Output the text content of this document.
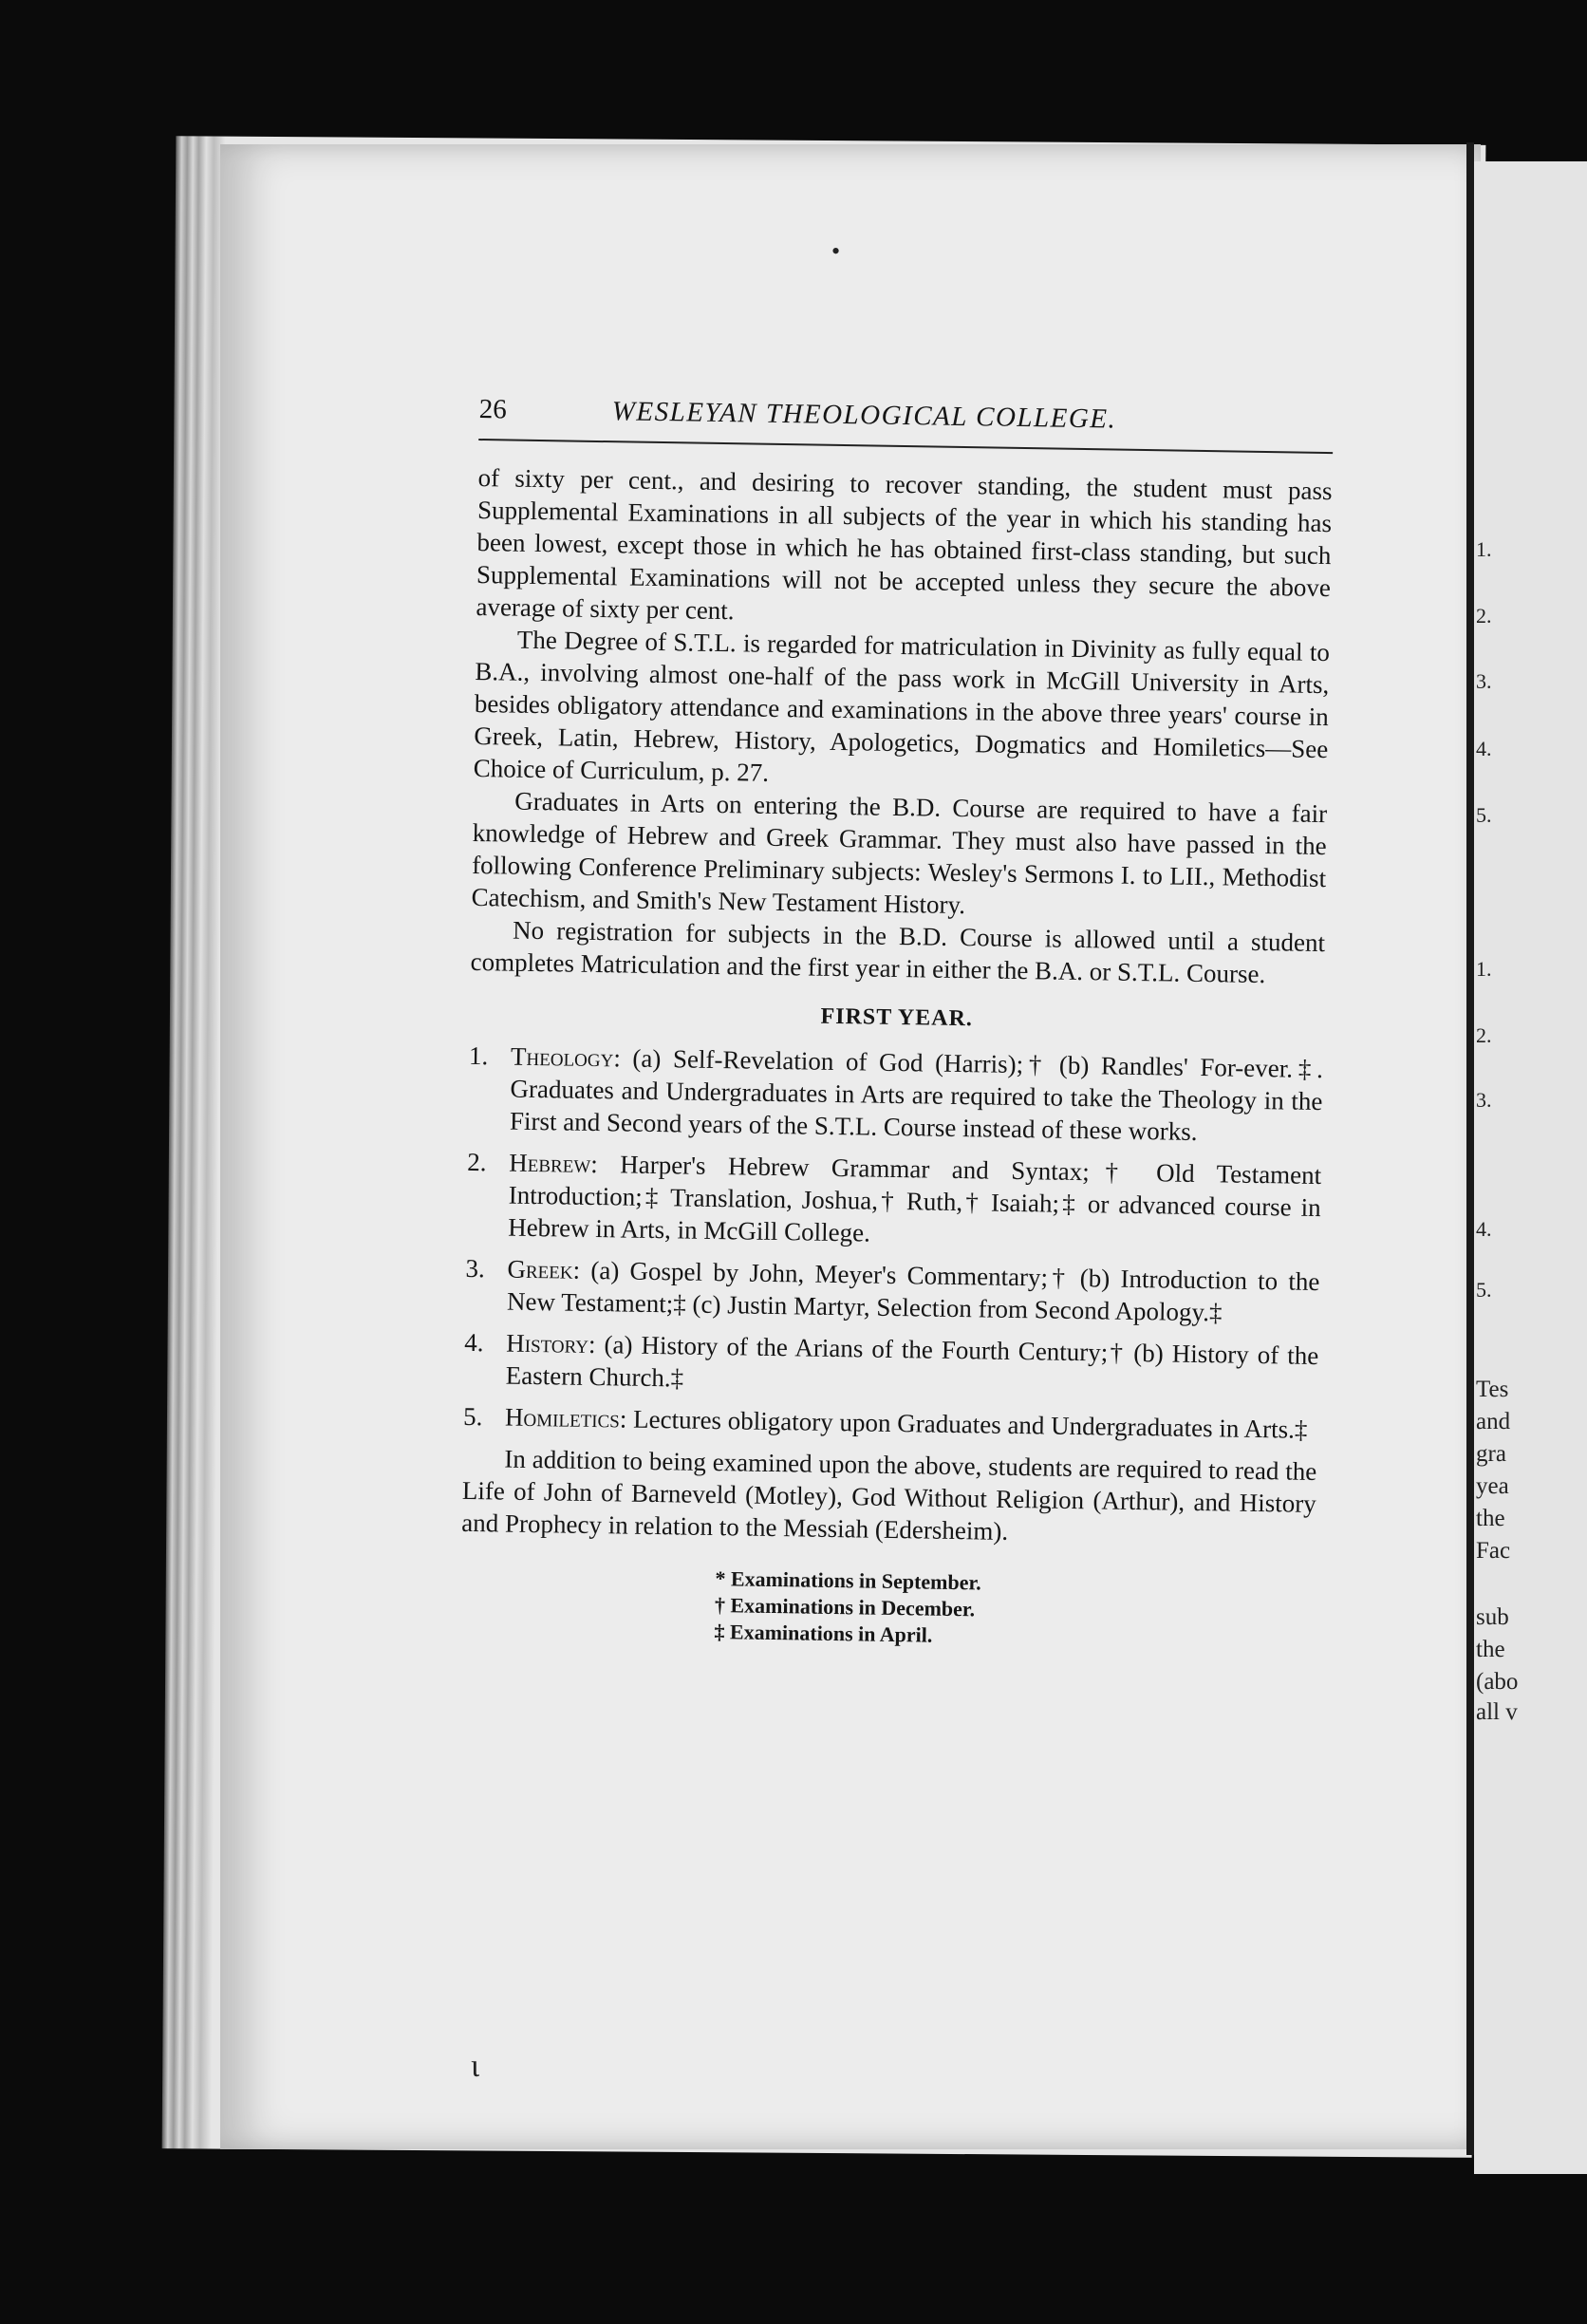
1.
2.
3.
4.
5.
1.
2.
3.
4.
5.
Tes
and
gra
yea
the
Fac
sub
the
(abo
all v
•
ɩ
26	WESLEYAN THEOLOGICAL COLLEGE.

of sixty per cent., and desiring to recover standing, the student must pass Supplemental Examinations in all subjects of the year in which his standing has been lowest, except those in which he has obtained first-class standing, but such Supplemental Examinations will not be accepted unless they secure the above average of sixty per cent.

The Degree of S.T.L. is regarded for matriculation in Divinity as fully equal to B.A., involving almost one-half of the pass work in McGill University in Arts, besides obligatory attendance and examinations in the above three years' course in Greek, Latin, Hebrew, History, Apologetics, Dogmatics and Homiletics—See Choice of Curriculum, p. 27.

Graduates in Arts on entering the B.D. Course are required to have a fair knowledge of Hebrew and Greek Grammar. They must also have passed in the following Conference Preliminary subjects: Wesley's Sermons I. to LII., Methodist Catechism, and Smith's New Testament History.

No registration for subjects in the B.D. Course is allowed until a student completes Matriculation and the first year in either the B.A. or S.T.L. Course.

FIRST YEAR.
1. Theology: (a) Self-Revelation of God (Harris);† (b) Randles' For-ever.‡. Graduates and Undergraduates in Arts are required to take the Theology in the First and Second years of the S.T.L. Course instead of these works.
2. Hebrew: Harper's Hebrew Grammar and Syntax;† Old Testament Introduction;‡ Translation, Joshua,† Ruth,† Isaiah;‡ or advanced course in Hebrew in Arts, in McGill College.
3. Greek: (a) Gospel by John, Meyer's Commentary;† (b) Introduction to the New Testament;‡ (c) Justin Martyr, Selection from Second Apology.‡
4. History: (a) History of the Arians of the Fourth Century;† (b) History of the Eastern Church.‡
5. Homiletics: Lectures obligatory upon Graduates and Undergraduates in Arts.‡

In addition to being examined upon the above, students are required to read the Life of John of Barneveld (Motley), God Without Religion (Arthur), and History and Prophecy in relation to the Messiah (Edersheim).

* Examinations in September.
† Examinations in December.
‡ Examinations in April.
